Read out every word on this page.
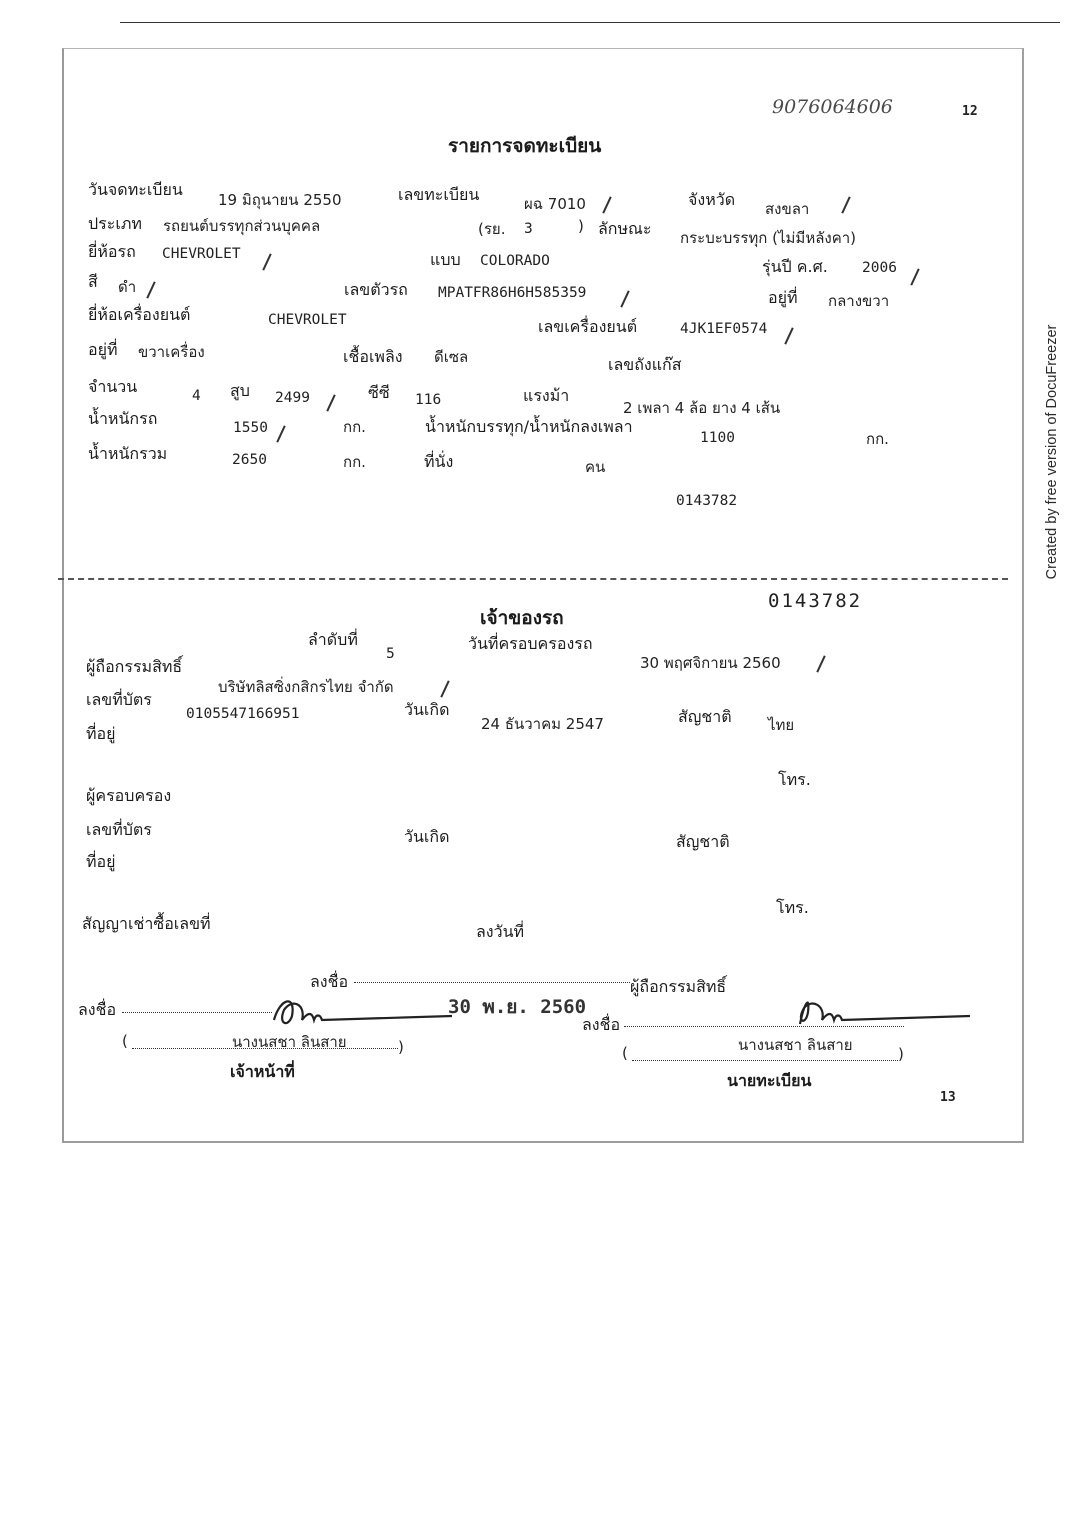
9076064606	12
รายการจดทะเบียน
วันจดทะเบียน
19 มิถุนายน 2550	เลขทะเบียน	ผฉ 7010	จังหวัด สงขลา
ประเภท รถยนต์บรรทุกส่วนบุคคล	(รย. 3	) ลักษณะ กระบะบรรทุก (ไม่มีหลังคา)
ยี่ห้อรถ CHEVROLET	แบบ COLORADO	รุ่นปี ค.ศ. 2006
สี ดำ	เลขตัวรถ MPATFR86H6H585359	อยู่ที่ กลางขวา
ยี่ห้อเครื่องยนต์	CHEVROLET	เลขเครื่องยนต์	4JK1EF0574
อยู่ที่ ขวาเครื่อง	เชื้อเพลิง ดีเซล	เลขถังแก๊ส
จำนวน	4 สูบ 2499	ซีซี 116	แรงม้า
2 เพลา 4 ล้อ ยาง 4 เส้น
น้ำหนักรถ	1550	กก.	น้ำหนักบรรทุก/น้ำหนักลงเพลา
1100	กก.
น้ำหนักรวม	2650	กก.	ที่นั่ง	คน
0143782
0143782
เจ้าของรถ
ลำดับที่
5
วันที่ครอบครองรถ
30 พฤศจิกายน 2560
ผู้ถือกรรมสิทธิ์
บริษัทลิสซิ่งกสิกรไทย จำกัด
เลขที่บัตร
0105547166951	วันเกิด
24 ธันวาคม 2547	สัญชาติ ไทย
ที่อยู่
โทร.
ผู้ครอบครอง
เลขที่บัตร	วันเกิด	สัญชาติ
ที่อยู่
โทร.
สัญญาเช่าซื้อเลขที่	ลงวันที่
ลงชื่อ	ผู้ถือกรรมสิทธิ์
ลงชื่อ	30 พ.ย. 2560
ลงชื่อ
(	นางนสชา ลินสาย	)
เจ้าหน้าที่
(	นางนสชา ลินสาย	)
นายทะเบียน
13
Created by free version of DocuFreezer
